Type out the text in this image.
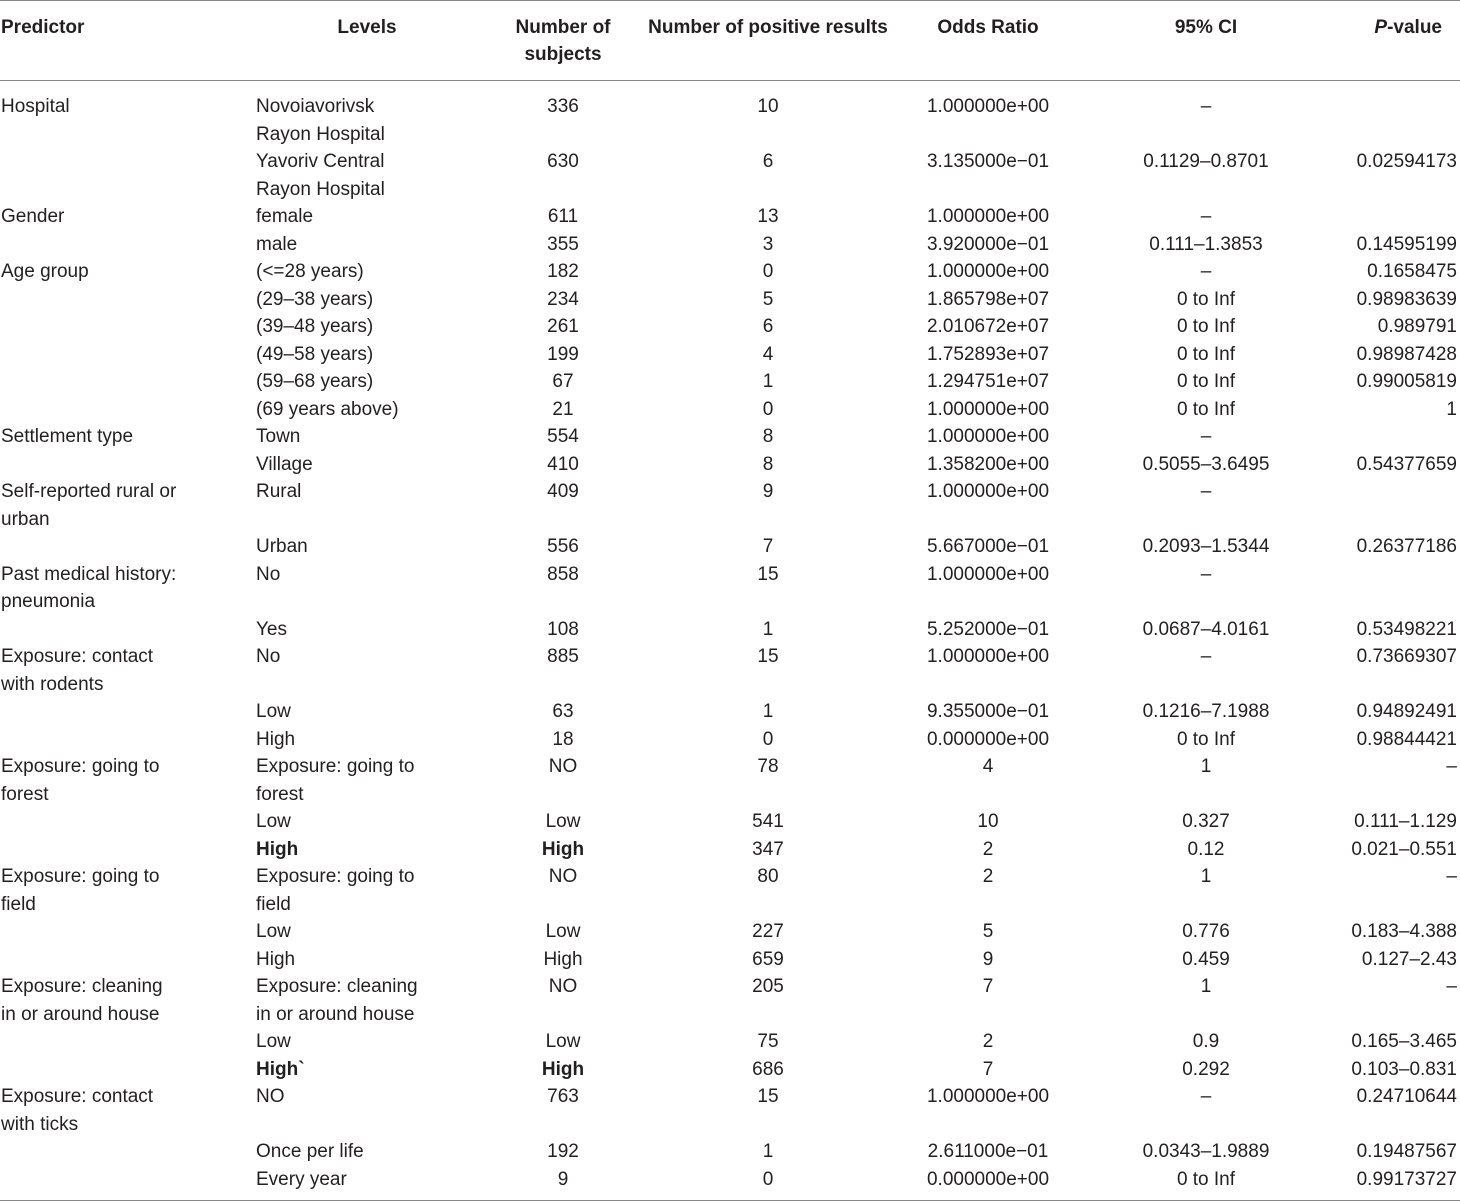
Predictor	Levels	Number of subjects	Number of positive results	Odds Ratio	95% CI	P-value

Hospital	Novoiavorivsk Rayon Hospital	336	10	1.000000e+00	–	

	Yavoriv Central Rayon Hospital	630	6	3.135000e−01	0.1129–0.8701	0.02594173

Gender	female	611	13	1.000000e+00	–	

	male	355	3	3.920000e−01	0.111–1.3853	0.14595199

Age group	(<=28 years)	182	0	1.000000e+00	–	0.1658475

	(29–38 years)	234	5	1.865798e+07	0 to Inf	0.98983639

	(39–48 years)	261	6	2.010672e+07	0 to Inf	0.989791

	(49–58 years)	199	4	1.752893e+07	0 to Inf	0.98987428

	(59–68 years)	67	1	1.294751e+07	0 to Inf	0.99005819

	(69 years above)	21	0	1.000000e+00	0 to Inf	1

Settlement type	Town	554	8	1.000000e+00	–	

	Village	410	8	1.358200e+00	0.5055–3.6495	0.54377659

Self-reported rural or urban	Rural	409	9	1.000000e+00	–	

	Urban	556	7	5.667000e−01	0.2093–1.5344	0.26377186

Past medical history: pneumonia	No	858	15	1.000000e+00	–	

	Yes	108	1	5.252000e−01	0.0687–4.0161	0.53498221

Exposure: contact with rodents	No	885	15	1.000000e+00	–	0.73669307

	Low	63	1	9.355000e−01	0.1216–7.1988	0.94892491

	High	18	0	0.000000e+00	0 to Inf	0.98844421

Exposure: going to forest	Exposure: going to forest	NO	78	4	1	–

	Low	Low	541	10	0.327	0.111–1.129

	High	High	347	2	0.12	0.021–0.551

Exposure: going to field	Exposure: going to field	NO	80	2	1	–

	Low	Low	227	5	0.776	0.183–4.388

	High	High	659	9	0.459	0.127–2.43

Exposure: cleaning in or around house	Exposure: cleaning in or around house	NO	205	7	1	–

	Low	Low	75	2	0.9	0.165–3.465

	High`	High	686	7	0.292	0.103–0.831

Exposure: contact with ticks	NO	763	15	1.000000e+00	–	0.24710644

	Once per life	192	1	2.611000e−01	0.0343–1.9889	0.19487567

	Every year	9	0	0.000000e+00	0 to Inf	0.99173727
